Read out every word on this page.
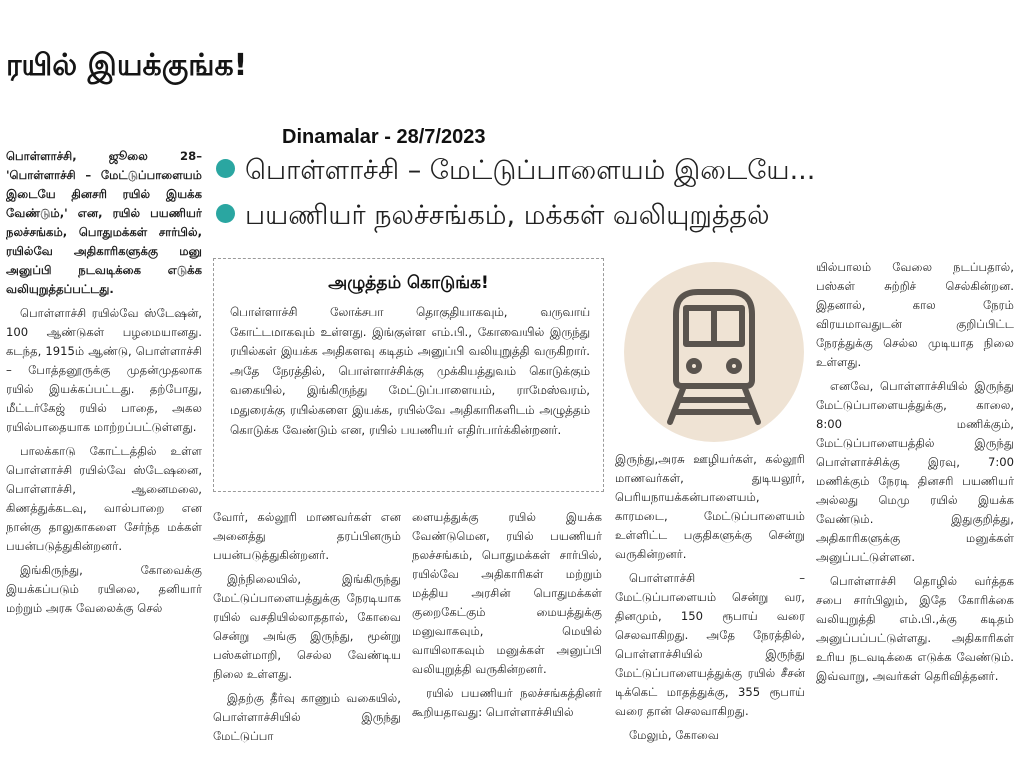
ரயில் இயக்குங்க!
Dinamalar - 28/7/2023
பொள்ளாச்சி – மேட்டுப்பாளையம் இடையே...
பயணியர் நலச்சங்கம், மக்கள் வலியுறுத்தல்

பொள்ளாச்சி, ஜூலை 28– 'பொள்ளாச்சி – மேட்டுப்பாளையம் இடையே தினசரி ரயில் இயக்க வேண்டும்,' என, ரயில் பயணியர் நலச்சங்கம், பொதுமக்கள் சார்பில், ரயில்வே அதிகாரிகளுக்கு மனு அனுப்பி நடவடிக்கை எடுக்க வலியுறுத்தப்பட்டது.

பொள்ளாச்சி ரயில்வே ஸ்டேஷன், 100 ஆண்டுகள் பழமையானது. கடந்த, 1915ம் ஆண்டு, பொள்ளாச்சி – போத்தனூருக்கு முதன்முதலாக ரயில் இயக்கப்பட்டது. தற்போது, மீட்டர்கேஜ் ரயில் பாதை, அகல ரயில்பாதையாக மாற்றப்பட்டுள்ளது.

பாலக்காடு கோட்டத்தில் உள்ள பொள்ளாச்சி ரயில்வே ஸ்டேஷனை, பொள்ளாச்சி, ஆனைமலை, கிணத்துக்கடவு, வால்பாறை என நான்கு தாலுகாகளை சேர்ந்த மக்கள் பயன்படுத்துகின்றனர்.

இங்கிருந்து, கோவைக்கு இயக்கப்படும் ரயிலை, தனியார் மற்றும் அரசு வேலைக்கு செல்

அழுத்தம் கொடுங்க!
பொள்ளாச்சி லோக்சபா தொகுதியாகவும், வருவாய் கோட்டமாகவும் உள்ளது. இங்குள்ள எம்.பி., கோவையில் இருந்து ரயில்கள் இயக்க அதிகளவு கடிதம் அனுப்பி வலியுறுத்தி வருகிறார். அதே நேரத்தில், பொள்ளாச்சிக்கு முக்கியத்துவம் கொடுக்கும் வகையில், இங்கிருந்து மேட்டுப்பாளையம், ராமேஸ்வரம், மதுரைக்கு ரயில்களை இயக்க, ரயில்வே அதிகாரிகளிடம் அழுத்தம் கொடுக்க வேண்டும் என, ரயில் பயணியர் எதிர்பார்க்கின்றனர்.

வோர், கல்லூரி மாணவர்கள் என அனைத்து தரப்பினரும் பயன்படுத்துகின்றனர்.

இந்நிலையில், இங்கிருந்து மேட்டுப்பாளையத்துக்கு நேரடியாக ரயில் வசதியில்லாததால், கோவை சென்று அங்கு இருந்து, மூன்று பஸ்கள்மாறி, செல்ல வேண்டிய நிலை உள்ளது.

இதற்கு தீர்வு காணும் வகையில், பொள்ளாச்சியில் இருந்து மேட்டுப்பா

ளையத்துக்கு ரயில் இயக்க வேண்டுமென, ரயில் பயணியர் நலச்சங்கம், பொதுமக்கள் சார்பில், ரயில்வே அதிகாரிகள் மற்றும் மத்திய அரசின் பொதுமக்கள் குறைகேட்கும் மையத்துக்கு மனுவாகவும், மெயில் வாயிலாகவும் மனுக்கள் அனுப்பி வலியுறுத்தி வருகின்றனர்.

ரயில் பயணியர் நலச்சங்கத்தினர் கூறியதாவது: பொள்ளாச்சியில்

இருந்து,அரசு ஊழியர்கள், கல்லூரி மாணவர்கள், துடியலூர், பெரியநாயக்கன்பாளையம், காரமடை, மேட்டுப்பாளையம் உள்ளிட்ட பகுதிகளுக்கு சென்று வருகின்றனர்.

பொள்ளாச்சி – மேட்டுப்பாளையம் சென்று வர, தினமும், 150 ரூபாய் வரை செலவாகிறது. அதே நேரத்தில், பொள்ளாச்சியில் இருந்து மேட்டுப்பாளையத்துக்கு ரயில் சீசன் டிக்கெட் மாதத்துக்கு, 355 ரூபாய் வரை தான் செலவாகிறது.

மேலும், கோவை

யில்பாலம் வேலை நடப்பதால், பஸ்கள் சுற்றிச் செல்கின்றன. இதனால், கால நேரம் விரயமாவதுடன் குறிப்பிட்ட நேரத்துக்கு செல்ல முடியாத நிலை உள்ளது.

எனவே, பொள்ளாச்சியில் இருந்து மேட்டுப்பாளையத்துக்கு, காலை, 8:00 மணிக்கும், மேட்டுப்பாளையத்தில் இருந்து பொள்ளாச்சிக்கு இரவு, 7:00 மணிக்கும் நேரடி தினசரி பயணியர் அல்லது மெமு ரயில் இயக்க வேண்டும். இதுகுறித்து, அதிகாரிகளுக்கு மனுக்கள் அனுப்பட்டுள்ளன.

பொள்ளாச்சி தொழில் வர்த்தக சபை சார்பிலும், இதே கோரிக்கை வலியுறுத்தி எம்.பி.,க்கு கடிதம் அனுப்பப்பட்டுள்ளது. அதிகாரிகள் உரிய நடவடிக்கை எடுக்க வேண்டும். இவ்வாறு, அவர்கள் தெரிவித்தனர்.
